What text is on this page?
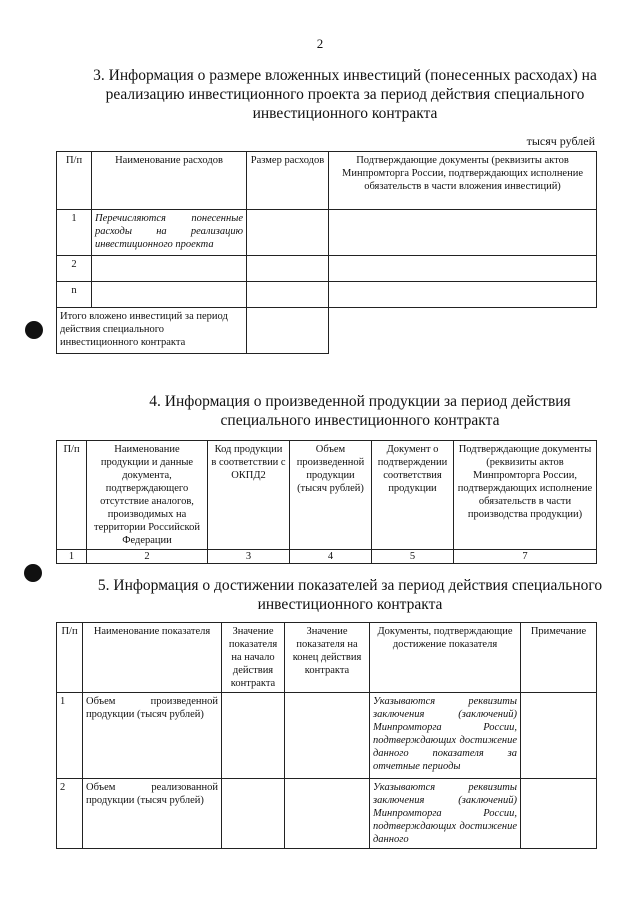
2
3. Информация о размере вложенных инвестиций (понесенных расходах) на
реализацию инвестиционного проекта за период действия специального
инвестиционного контракта
тысяч рублей
П/п	Наименование расходов	Размер расходов	Подтверждающие документы (реквизиты актов Минпромторга России, подтверждающих исполнение обязательств в части вложения инвестиций)
1	Перечисляются понесенные расходы на реализацию инвестиционного проекта		
2			
n			
Итого вложено инвестиций за период действия специального инвестиционного контракта			
4. Информация о произведенной продукции за период действия
специального инвестиционного контракта
П/п	Наименование продукции и данные документа, подтверждающего отсутствие аналогов, производимых на территории Российской Федерации	Код продукции в соответствии с ОКПД2	Объем произведенной продукции (тысяч рублей)	Документ о подтверждении соответствия продукции	Подтверждающие документы (реквизиты актов Минпромторга России, подтверждающих исполнение обязательств в части производства продукции)
1	2	3	4	5	7
5. Информация о достижении показателей за период действия специального
инвестиционного контракта
П/п	Наименование показателя	Значение показателя на начало действия контракта	Значение показателя на конец действия контракта	Документы, подтверждающие достижение показателя	Примечание
1	Объем произведенной продукции (тысяч рублей)			Указываются реквизиты заключения (заключений) Минпромторга России, подтверждающих достижение данного показателя за отчетные периоды	
2	Объем реализованной продукции (тысяч рублей)			Указываются реквизиты заключения (заключений) Минпромторга России, подтверждающих достижение данного	
